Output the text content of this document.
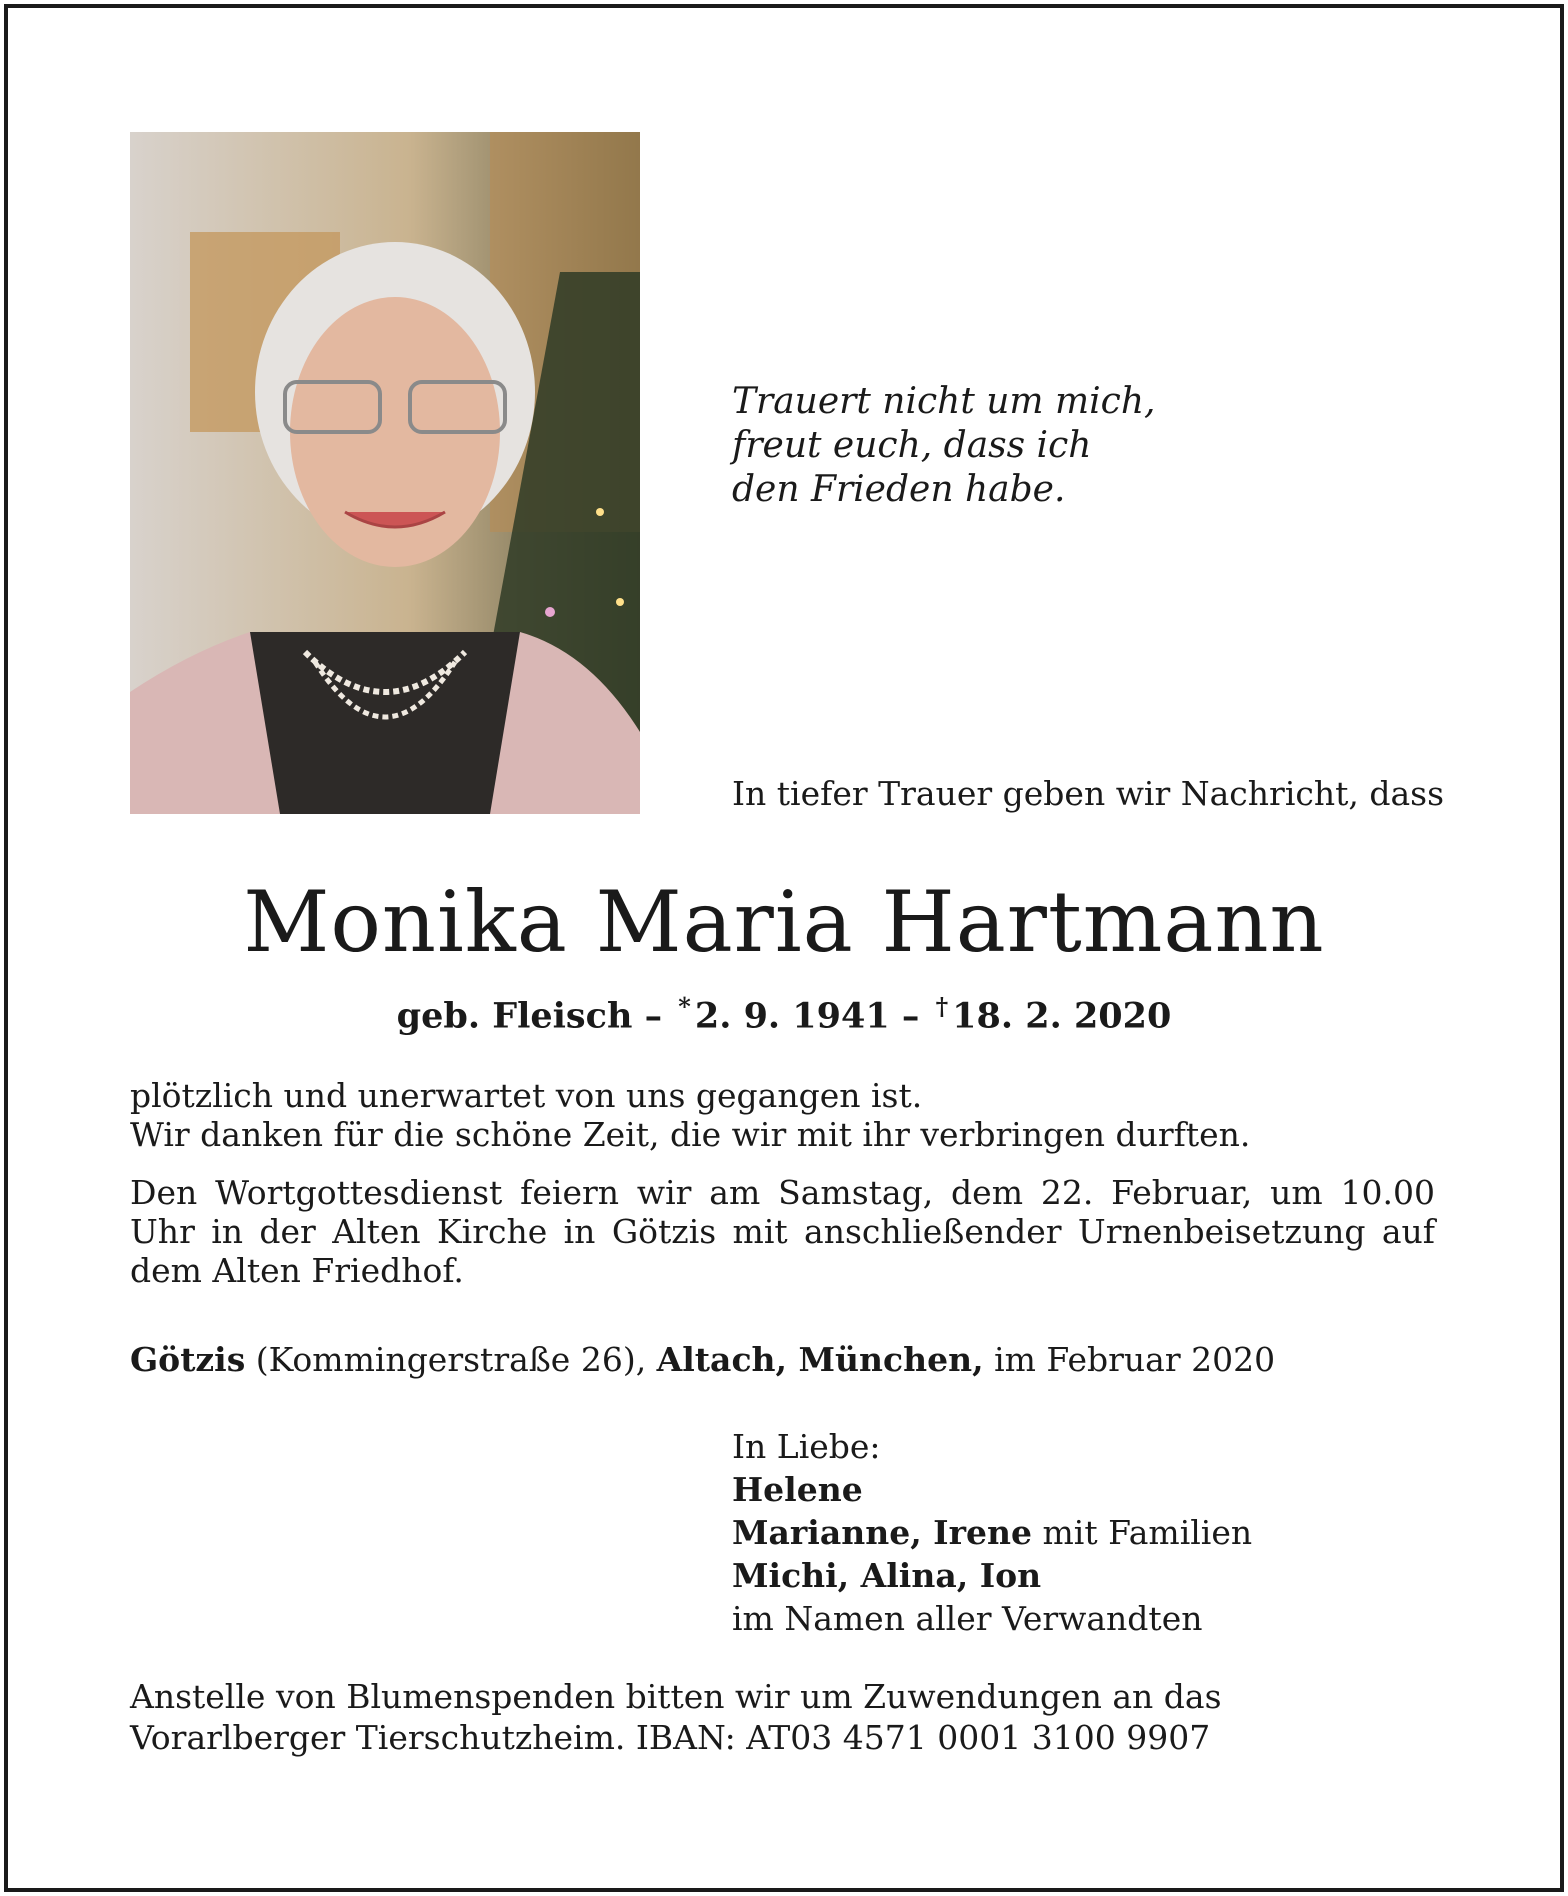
Trauert nicht um mich,
freut euch, dass ich
den Frieden habe.
In tiefer Trauer geben wir Nachricht, dass
Monika Maria Hartmann
geb. Fleisch – * 2. 9. 1941 – † 18. 2. 2020
plötzlich und unerwartet von uns gegangen ist.
Wir danken für die schöne Zeit, die wir mit ihr verbringen durften.
Den Wortgottesdienst feiern wir am Samstag, dem 22. Februar, um 10.00
Uhr in der Alten Kirche in Götzis mit anschließender Urnenbeisetzung auf
dem Alten Friedhof.
Götzis (Kommingerstraße 26), Altach, München, im Februar 2020
In Liebe:
Helene
Marianne, Irene mit Familien
Michi, Alina, Ion
im Namen aller Verwandten
Anstelle von Blumenspenden bitten wir um Zuwendungen an das
Vorarlberger Tierschutzheim. IBAN: AT03 4571 0001 3100 9907
